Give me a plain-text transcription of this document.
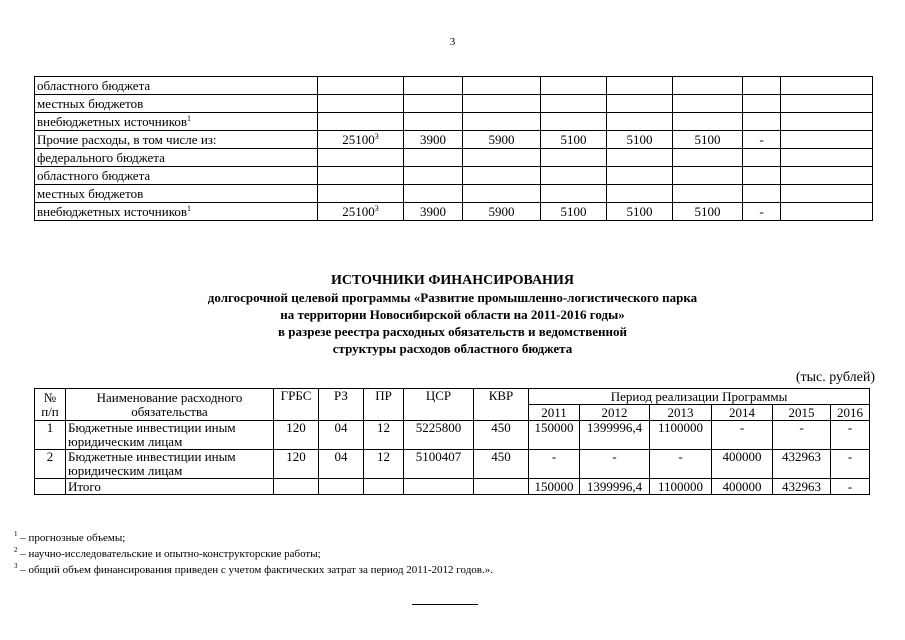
3
областного бюджета								
местных бюджетов								
внебюджетных источников$^1$								
Прочие расходы, в том числе из:	25100$^3$	3900	5900	5100	5100	5100	-	
федерального бюджета								
областного бюджета								
местных бюджетов								
внебюджетных источников$^1$	25100$^3$	3900	5900	5100	5100	5100	-	
ИСТОЧНИКИ ФИНАНСИРОВАНИЯ
долгосрочной целевой программы «Развитие промышленно-логистического парка
на территории Новосибирской области на 2011-2016 годы»
в разрезе реестра расходных обязательств и ведомственной
структуры расходов областного бюджета
(тыс. рублей)
№ п/п	Наименование расходного обязательства	ГРБС	РЗ	ПР	ЦСР	КВР	Период реализации Программы					
							2011	2012	2013	2014	2015	2016
1	Бюджетные инвестиции иным юридическим лицам	120	04	12	5225800	450	150000	1399996,4	1100000	-	-	-
2	Бюджетные инвестиции иным юридическим лицам	120	04	12	5100407	450	-	-	-	400000	432963	-
	Итого						150000	1399996,4	1100000	400000	432963	-
$^1$ – прогнозные объемы;
$^2$ – научно-исследовательские и опытно-конструкторские работы;
$^3$ – общий объем финансирования приведен с учетом фактических затрат за период 2011-2012 годов.».
